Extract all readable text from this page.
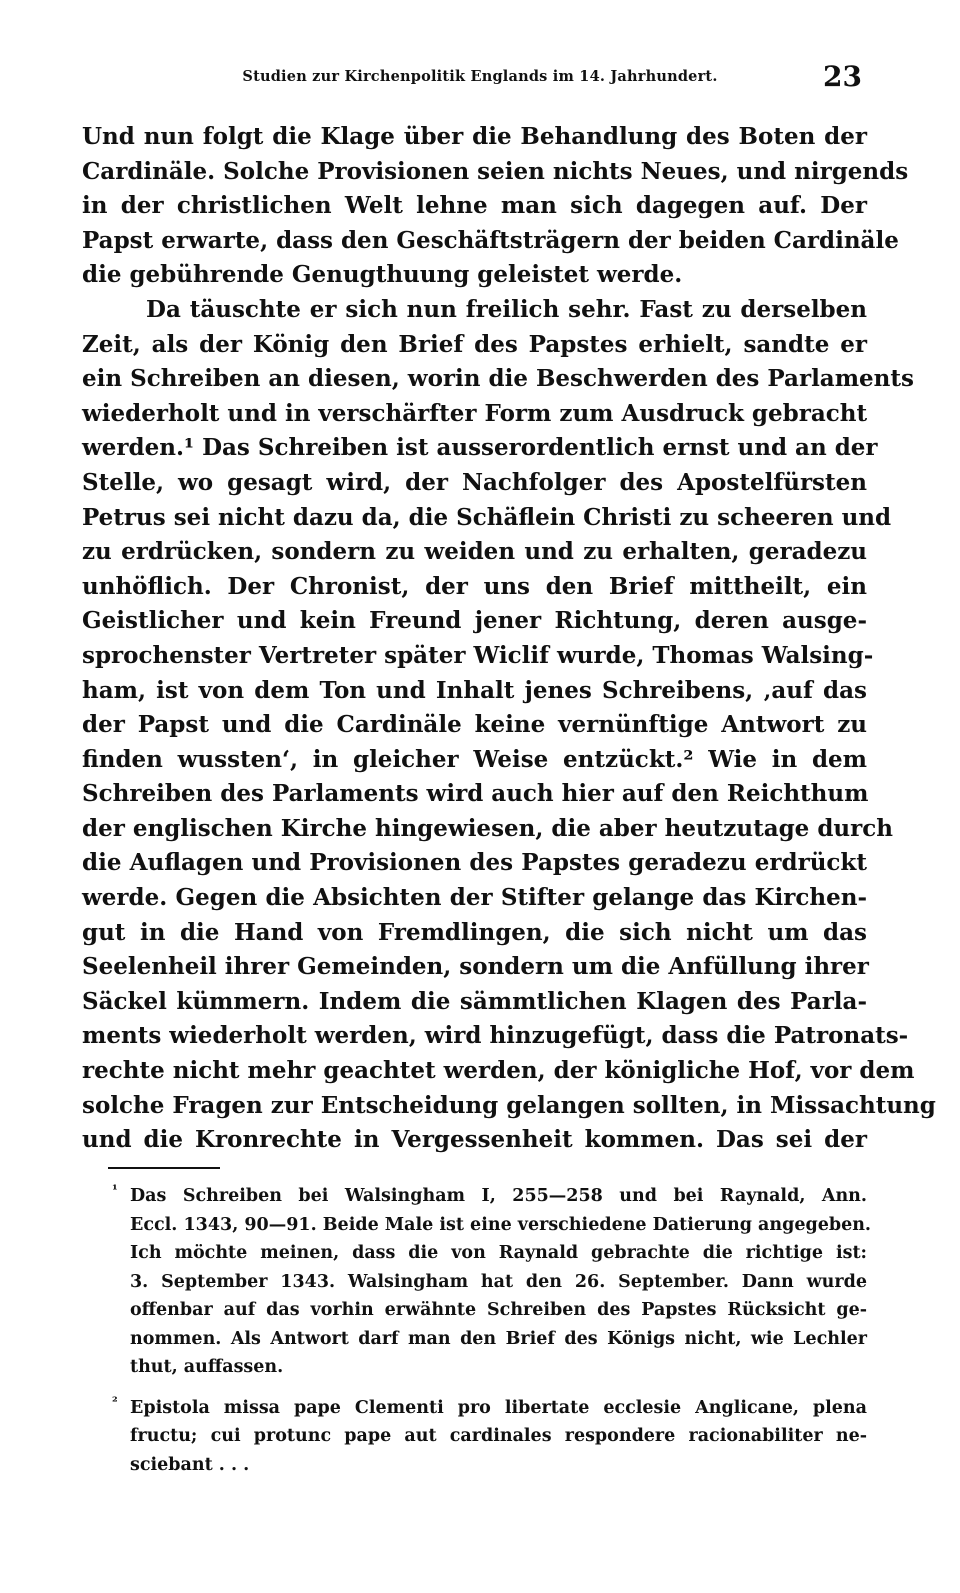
Studien zur Kirchenpolitik Englands im 14. Jahrhundert.	23
Und nun folgt die Klage über die Behandlung des Boten der
Cardinäle. Solche Provisionen seien nichts Neues, und nirgends
in der christlichen Welt lehne man sich dagegen auf. Der
Papst erwarte, dass den Geschäftsträgern der beiden Cardinäle
die gebührende Genugthuung geleistet werde.
Da täuschte er sich nun freilich sehr. Fast zu derselben
Zeit, als der König den Brief des Papstes erhielt, sandte er
ein Schreiben an diesen, worin die Beschwerden des Parlaments
wiederholt und in verschärfter Form zum Ausdruck gebracht
werden.¹ Das Schreiben ist ausserordentlich ernst und an der
Stelle, wo gesagt wird, der Nachfolger des Apostelfürsten
Petrus sei nicht dazu da, die Schäflein Christi zu scheeren und
zu erdrücken, sondern zu weiden und zu erhalten, geradezu
unhöflich. Der Chronist, der uns den Brief mittheilt, ein
Geistlicher und kein Freund jener Richtung, deren ausge-
sprochenster Vertreter später Wiclif wurde, Thomas Walsing-
ham, ist von dem Ton und Inhalt jenes Schreibens, ‚auf das
der Papst und die Cardinäle keine vernünftige Antwort zu
finden wussten‘, in gleicher Weise entzückt.² Wie in dem
Schreiben des Parlaments wird auch hier auf den Reichthum
der englischen Kirche hingewiesen, die aber heutzutage durch
die Auflagen und Provisionen des Papstes geradezu erdrückt
werde. Gegen die Absichten der Stifter gelange das Kirchen-
gut in die Hand von Fremdlingen, die sich nicht um das
Seelenheil ihrer Gemeinden, sondern um die Anfüllung ihrer
Säckel kümmern. Indem die sämmtlichen Klagen des Parla-
ments wiederholt werden, wird hinzugefügt, dass die Patronats-
rechte nicht mehr geachtet werden, der königliche Hof, vor dem
solche Fragen zur Entscheidung gelangen sollten, in Missachtung
und die Kronrechte in Vergessenheit kommen. Das sei der
¹ Das Schreiben bei Walsingham I, 255—258 und bei Raynald, Ann.
Eccl. 1343, 90—91. Beide Male ist eine verschiedene Datierung angegeben.
Ich möchte meinen, dass die von Raynald gebrachte die richtige ist:
3. September 1343. Walsingham hat den 26. September. Dann wurde
offenbar auf das vorhin erwähnte Schreiben des Papstes Rücksicht ge-
nommen. Als Antwort darf man den Brief des Königs nicht, wie Lechler
thut, auffassen.
² Epistola missa pape Clementi pro libertate ecclesie Anglicane, plena
fructu; cui protunc pape aut cardinales respondere racionabiliter ne-
sciebant . . .
